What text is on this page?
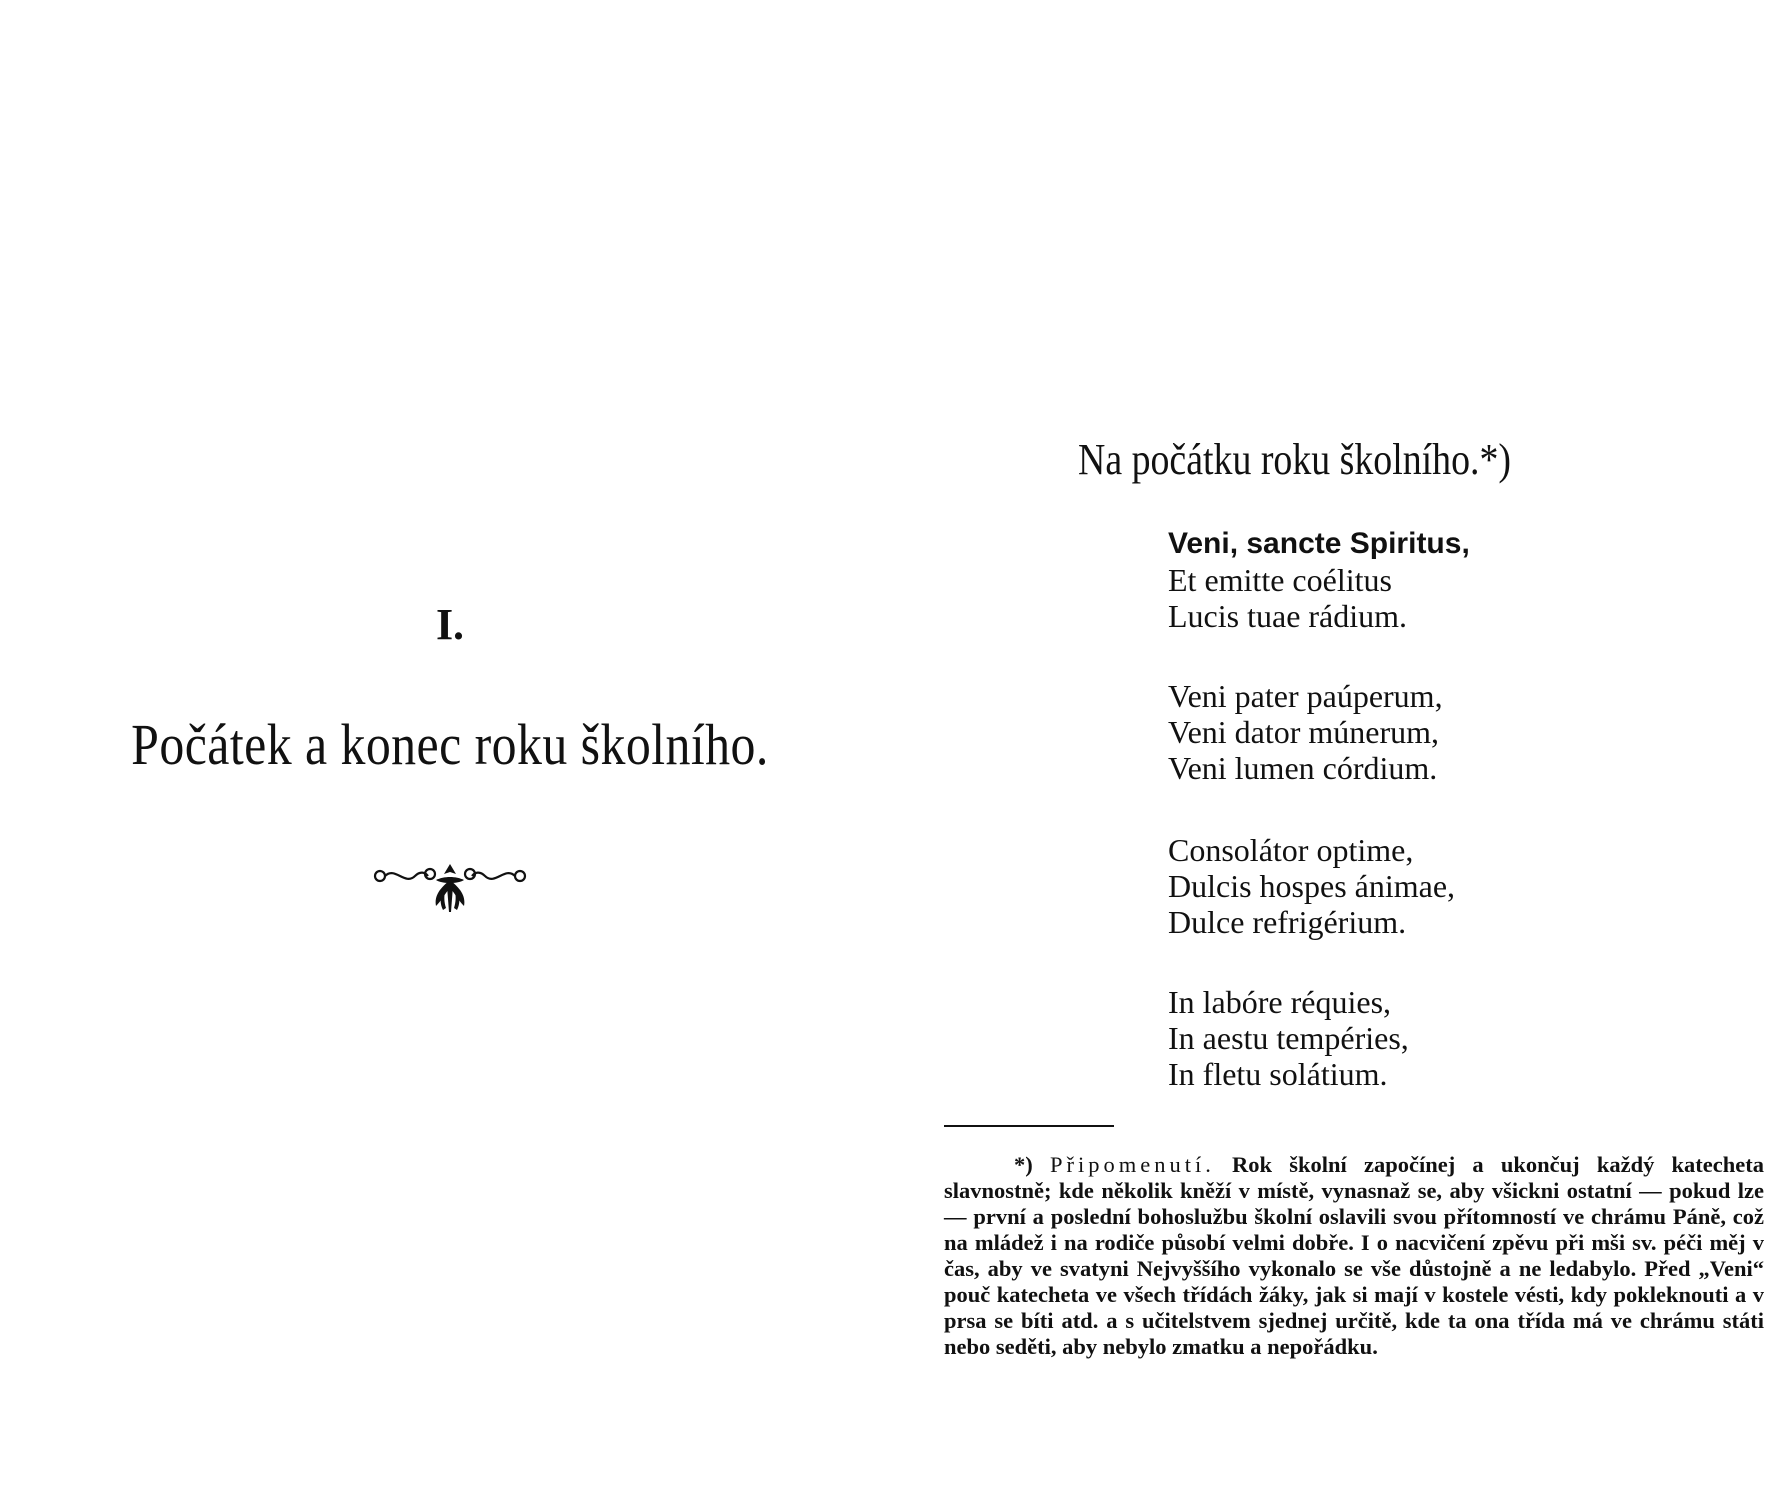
I.
Počátek a konec roku školního.
Na počátku roku školního.*)
Veni, sancte Spiritus,
Et emitte coélitus
Lucis tuae rádium.
Veni pater paúperum,
Veni dator múnerum,
Veni lumen córdium.
Consolátor optime,
Dulcis hospes ánimae,
Dulce refrigérium.
In labóre réquies,
In aestu tempéries,
In fletu solátium.
*) Připomenutí. Rok školní započínej a ukončuj každý katecheta slavnostně; kde několik kněží v místě, vynasnaž se, aby všickni ostatní — pokud lze — první a poslední bohoslužbu školní oslavili svou přítomností ve chrámu Páně, což na mládež i na rodiče působí velmi dobře. I o nacvičení zpěvu při mši sv. péči měj v čas, aby ve svatyni Nejvyššího vykonalo se vše důstojně a ne ledabylo. Před „Veni“ pouč katecheta ve všech třídách žáky, jak si mají v kostele vésti, kdy pokleknouti a v prsa se bíti atd. a s učitelstvem sjednej určitě, kde ta ona třída má ve chrámu státi nebo seděti, aby nebylo zmatku a nepořádku.
